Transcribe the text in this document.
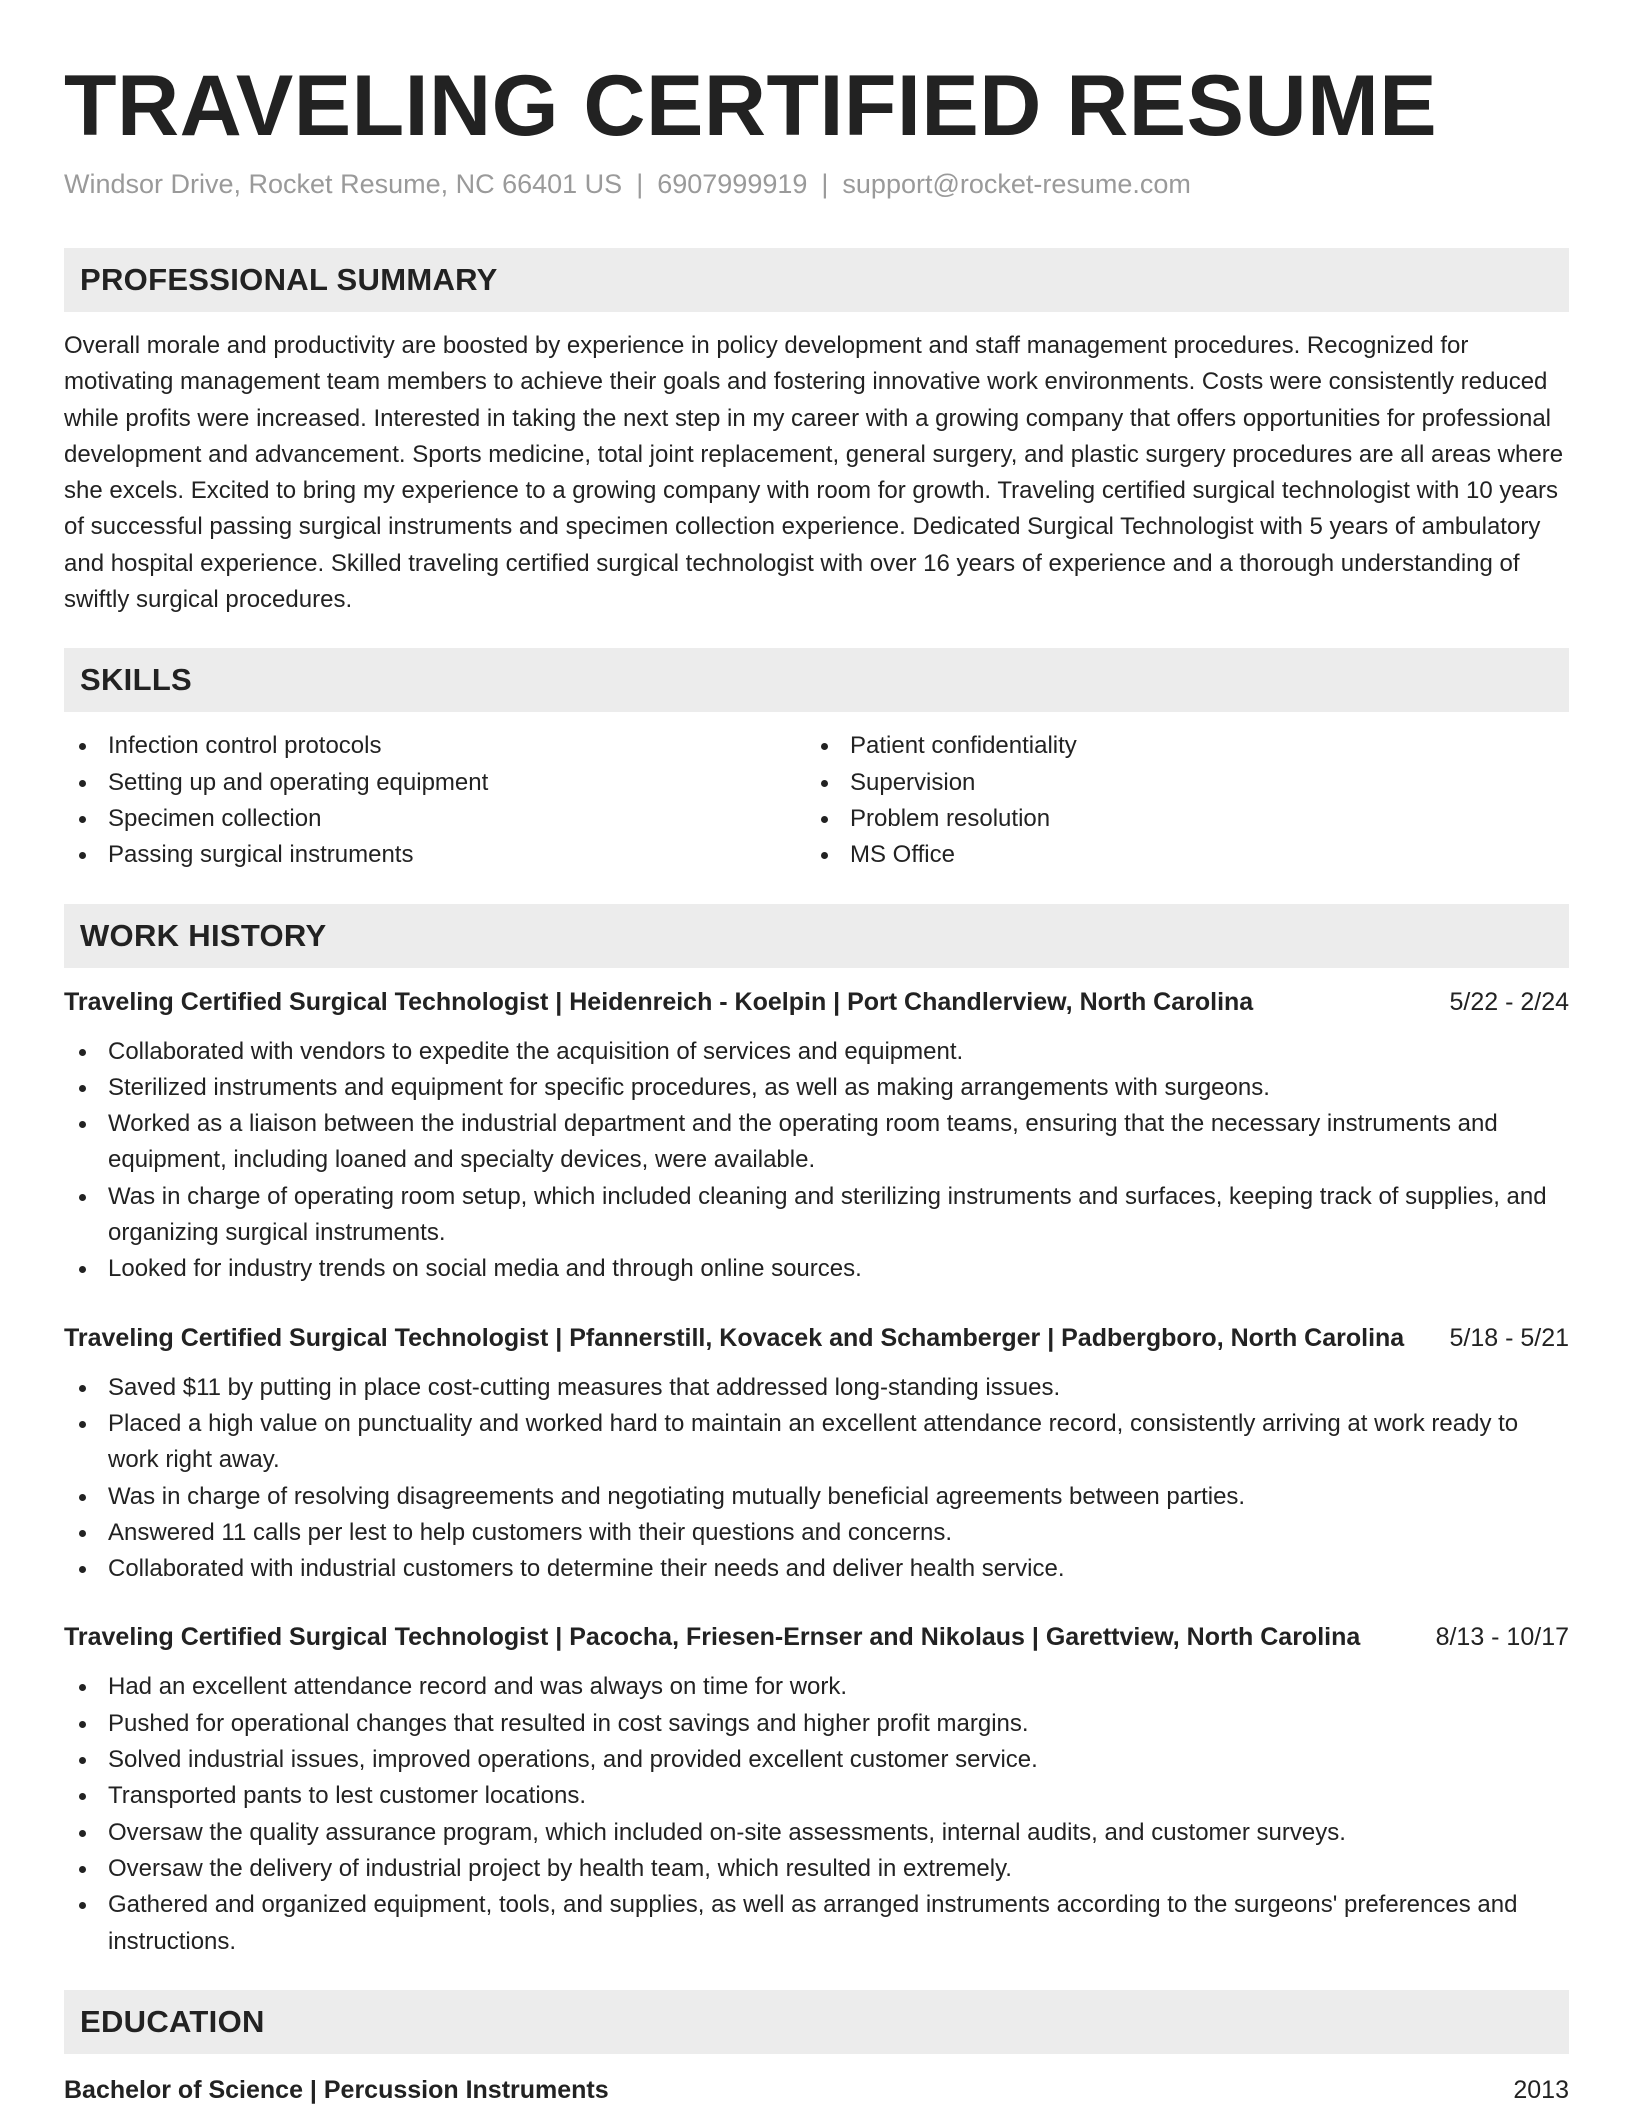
TRAVELING CERTIFIED RESUME
Windsor Drive, Rocket Resume, NC 66401 US | 6907999919 | support@rocket-resume.com
PROFESSIONAL SUMMARY
Overall morale and productivity are boosted by experience in policy development and staff management procedures. Recognized for motivating management team members to achieve their goals and fostering innovative work environments. Costs were consistently reduced while profits were increased. Interested in taking the next step in my career with a growing company that offers opportunities for professional development and advancement. Sports medicine, total joint replacement, general surgery, and plastic surgery procedures are all areas where she excels. Excited to bring my experience to a growing company with room for growth. Traveling certified surgical technologist with 10 years of successful passing surgical instruments and specimen collection experience. Dedicated Surgical Technologist with 5 years of ambulatory and hospital experience. Skilled traveling certified surgical technologist with over 16 years of experience and a thorough understanding of swiftly surgical procedures.
SKILLS
Infection control protocols
Setting up and operating equipment
Specimen collection
Passing surgical instruments
Patient confidentiality
Supervision
Problem resolution
MS Office
WORK HISTORY
Traveling Certified Surgical Technologist | Heidenreich - Koelpin | Port Chandlerview, North Carolina	5/22 - 2/24
Collaborated with vendors to expedite the acquisition of services and equipment.
Sterilized instruments and equipment for specific procedures, as well as making arrangements with surgeons.
Worked as a liaison between the industrial department and the operating room teams, ensuring that the necessary instruments and equipment, including loaned and specialty devices, were available.
Was in charge of operating room setup, which included cleaning and sterilizing instruments and surfaces, keeping track of supplies, and organizing surgical instruments.
Looked for industry trends on social media and through online sources.
Traveling Certified Surgical Technologist | Pfannerstill, Kovacek and Schamberger | Padbergboro, North Carolina 5/18 - 5/21
Saved $11 by putting in place cost-cutting measures that addressed long-standing issues.
Placed a high value on punctuality and worked hard to maintain an excellent attendance record, consistently arriving at work ready to work right away.
Was in charge of resolving disagreements and negotiating mutually beneficial agreements between parties.
Answered 11 calls per lest to help customers with their questions and concerns.
Collaborated with industrial customers to determine their needs and deliver health service.
Traveling Certified Surgical Technologist | Pacocha, Friesen-Ernser and Nikolaus | Garettview, North Carolina	8/13 - 10/17
Had an excellent attendance record and was always on time for work.
Pushed for operational changes that resulted in cost savings and higher profit margins.
Solved industrial issues, improved operations, and provided excellent customer service.
Transported pants to lest customer locations.
Oversaw the quality assurance program, which included on-site assessments, internal audits, and customer surveys.
Oversaw the delivery of industrial project by health team, which resulted in extremely.
Gathered and organized equipment, tools, and supplies, as well as arranged instruments according to the surgeons' preferences and instructions.
EDUCATION
Bachelor of Science | Percussion Instruments	2013
